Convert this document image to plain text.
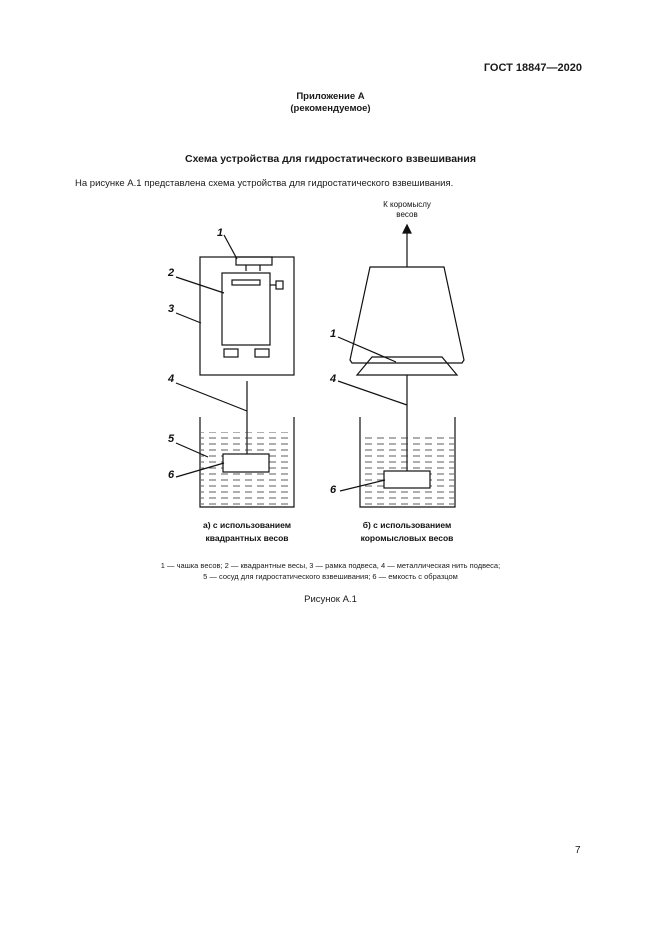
ГОСТ 18847—2020
Приложение А
(рекомендуемое)
Схема устройства для гидростатического взвешивания
На рисунке А.1 представлена схема устройства для гидростатического взвешивания.
1
2
3
4
5
6
К коромыслу
весов
1
4
6
а) с использованием
квадрантных весов
б) с использованием
коромысловых весов
1 — чашка весов; 2 — квадрантные весы, 3 — рамка подвеса, 4 — металлическая нить подвеса;
5 — сосуд для гидростатического взвешивания; 6 — емкость с образцом
Рисунок А.1
7
